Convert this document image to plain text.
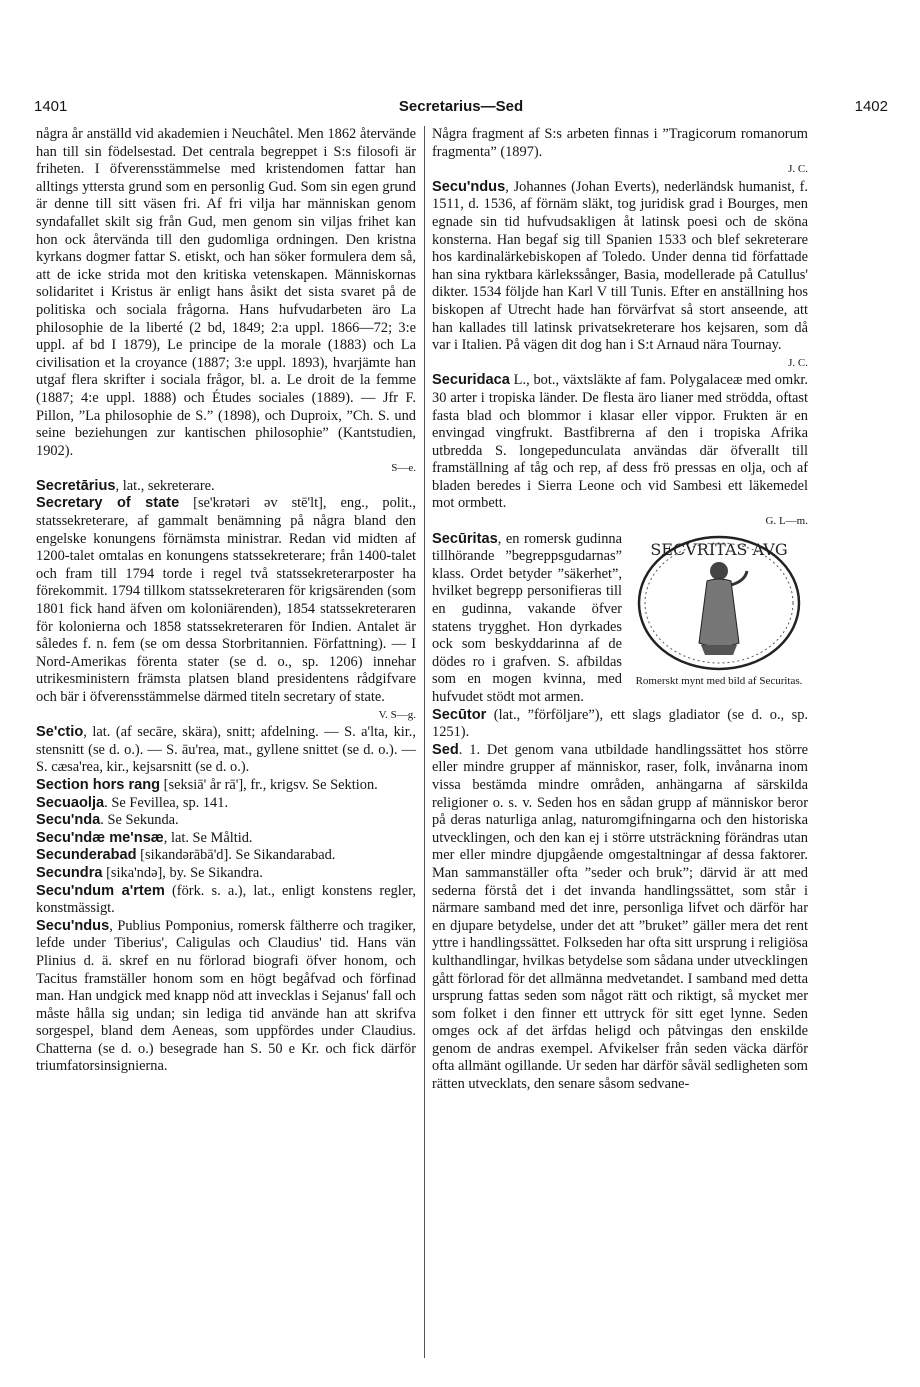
1401	Secretarius—Sed	1402

några år anställd vid akademien i Neuchâtel. Men 1862 återvände han till sin födelsestad. Det centrala begreppet i S:s filosofi är friheten. I öfverensstämmelse med kristendomen fattar han alltings yttersta grund som en personlig Gud. Som sin egen grund är denne till sitt väsen fri. Af fri vilja har människan genom syndafallet skilt sig från Gud, men genom sin viljas frihet kan hon ock återvända till den gudomliga ordningen. Den kristna kyrkans dogmer fattar S. etiskt, och han söker formulera dem så, att de icke strida mot den kritiska vetenskapen. Människornas solidaritet i Kristus är enligt hans åsikt det sista svaret på de politiska och sociala frågorna. Hans hufvudarbeten äro La philosophie de la liberté (2 bd, 1849; 2:a uppl. 1866—72; 3:e uppl. af bd I 1879), Le principe de la morale (1883) och La civilisation et la croyance (1887; 3:e uppl. 1893), hvarjämte han utgaf flera skrifter i sociala frågor, bl. a. Le droit de la femme (1887; 4:e uppl. 1888) och Études sociales (1889). — Jfr F. Pillon, ”La philosophie de S.” (1898), och Duproix, ”Ch. S. und seine beziehungen zur kantischen philosophie” (Kantstudien, 1902).
S—e.

Secretārius, lat., sekreterare.

Secretary of state [se'krətəri əv stē'lt], eng., polit., statssekreterare, af gammalt benämning på några bland den engelske konungens förnämsta ministrar. Redan vid midten af 1200-talet omtalas en konungens statssekreterare; från 1400-talet och fram till 1794 torde i regel två statssekreterarposter ha förekommit. 1794 tillkom statssekreteraren för krigsärenden (som 1801 fick hand äfven om koloniärenden), 1854 statssekreteraren för kolonierna och 1858 statssekreteraren för Indien. Antalet är således f. n. fem (se om dessa Storbritannien. Författning). — I Nord-Amerikas förenta stater (se d. o., sp. 1206) innehar utrikesministern främsta platsen bland presidentens rådgifvare och bär i öfverensstämmelse därmed titeln secretary of state.
V. S—g.

Se'ctio, lat. (af secāre, skära), snitt; afdelning. — S. a'lta, kir., stensnitt (se d. o.). — S. āu'rea, mat., gyllene snittet (se d. o.). — S. cæsa'rea, kir., kejsarsnitt (se d. o.).

Section hors rang [seksiā' år rā'], fr., krigsv. Se Sektion.

Secuaolja. Se Fevillea, sp. 141.

Secu'nda. Se Sekunda.

Secu'ndæ me'nsæ, lat. Se Måltid.

Secunderabad [sikandərābā'd]. Se Sikandarabad.

Secundra [sika'ndə], by. Se Sikandra.

Secu'ndum a'rtem (förk. s. a.), lat., enligt konstens regler, konstmässigt.

Secu'ndus, Publius Pomponius, romersk fältherre och tragiker, lefde under Tiberius', Caligulas och Claudius' tid. Hans vän Plinius d. ä. skref en nu förlorad biografi öfver honom, och Tacitus framställer honom som en högt begåfvad och förfinad man. Han undgick med knapp nöd att invecklas i Sejanus' fall och måste hålla sig undan; sin lediga tid använde han att skrifva sorgespel, bland dem Aeneas, som uppfördes under Claudius. Chatterna (se d. o.) besegrade han S. 50 e Kr. och fick därför triumfatorsinsignierna.

Några fragment af S:s arbeten finnas i ”Tragicorum romanorum fragmenta” (1897).
J. C.

Secu'ndus, Johannes (Johan Everts), nederländsk humanist, f. 1511, d. 1536, af förnäm släkt, tog juridisk grad i Bourges, men egnade sin tid hufvudsakligen åt latinsk poesi och de sköna konsterna. Han begaf sig till Spanien 1533 och blef sekreterare hos kardinalärkebiskopen af Toledo. Under denna tid författade han sina ryktbara kärlekssånger, Basia, modellerade på Catullus' dikter. 1534 följde han Karl V till Tunis. Efter en anställning hos biskopen af Utrecht hade han förvärfvat så stort anseende, att han kallades till latinsk privatsekreterare hos kejsaren, som då var i Italien. På vägen dit dog han i S:t Arnaud nära Tournay.
J. C.

Securidaca L., bot., växtsläkte af fam. Polygalaceæ med omkr. 30 arter i tropiska länder. De flesta äro lianer med strödda, oftast fasta blad och blommor i klasar eller vippor. Frukten är en envingad vingfrukt. Bastfibrerna af den i tropiska Afrika utbredda S. longepedunculata användas där öfverallt till framställning af tåg och rep, af dess frö pressas en olja, och af bladen beredes i Sierra Leone och vid Sambesi ett läkemedel mot ormbett.
G. L—m.

SECVRITAS AVG
Romerskt mynt med bild af Securitas.

Secūritas, en romersk gudinna tillhörande ”begreppsgudarnas” klass. Ordet betyder ”säkerhet”, hvilket begrepp personifieras till en gudinna, vakande öfver statens trygghet. Hon dyrkades ock som beskyddarinna af de dödes ro i grafven. S. afbildas som en mogen kvinna, med hufvudet stödt mot armen.

Secūtor (lat., ”förföljare”), ett slags gladiator (se d. o., sp. 1251).

Sed. 1. Det genom vana utbildade handlingssättet hos större eller mindre grupper af människor, raser, folk, invånarna inom vissa bestämda mindre områden, anhängarna af särskilda religioner o. s. v. Seden hos en sådan grupp af människor beror på deras naturliga anlag, naturomgifningarna och den historiska utvecklingen, och den kan ej i större utsträckning förändras utan mer eller mindre djupgående omgestaltningar af dessa faktorer. Man sammanställer ofta ”seder och bruk”; därvid är att med sederna förstå det i det invanda handlingssättet, som står i närmare samband med det inre, personliga lifvet och därför har en djupare betydelse, under det att ”bruket” gäller mera det rent yttre i handlingssättet. Folkseden har ofta sitt ursprung i religiösa kulthandlingar, hvilkas betydelse som sådana under utvecklingen gått förlorad för det allmänna medvetandet. I samband med detta ursprung fattas seden som något rätt och riktigt, så mycket mer som folket i den finner ett uttryck för sitt eget lynne. Seden omges ock af det ärfdas heligd och påtvingas den enskilde genom de andras exempel. Afvikelser från seden väcka därför ofta allmänt ogillande. Ur seden har därför såväl sedligheten som rätten utvecklats, den senare såsom sedvane-
